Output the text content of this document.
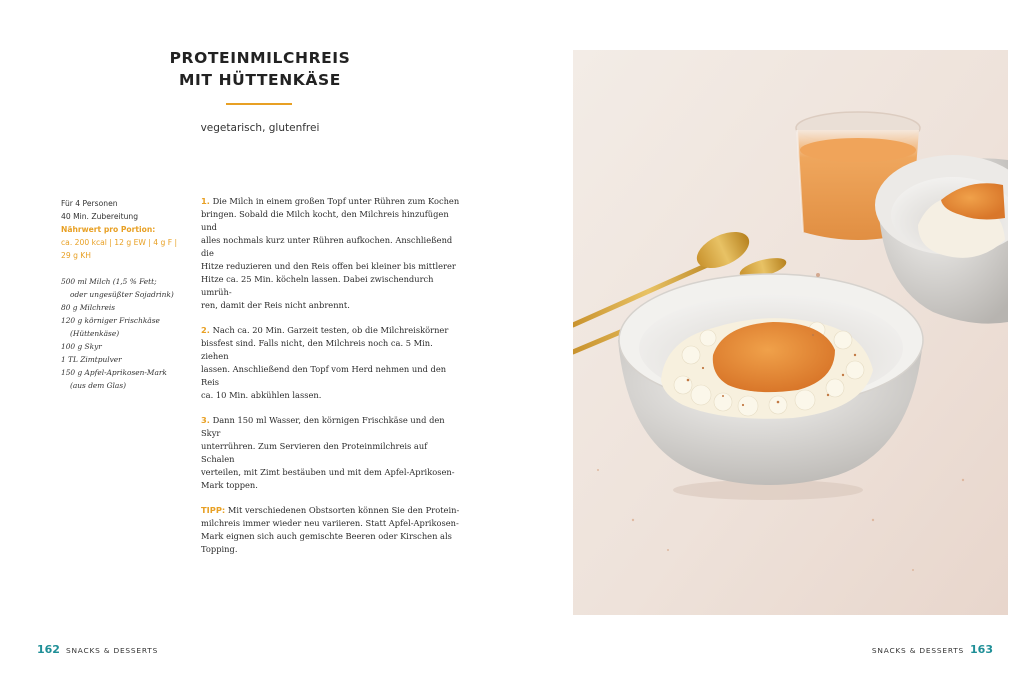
PROTEINMILCHREIS
MIT HÜTTENKÄSE
vegetarisch, glutenfrei
Für 4 Personen
40 Min. Zubereitung
Nährwert pro Portion:
ca. 200 kcal | 12 g EW | 4 g F |
29 g KH
500 ml Milch (1,5 % Fett;
oder ungesüßter Sojadrink)
80 g Milchreis
120 g körniger Frischkäse
(Hüttenkäse)
100 g Skyr
1 TL Zimtpulver
150 g Apfel-Aprikosen-Mark
(aus dem Glas)
1. Die Milch in einem großen Topf unter Rühren zum Kochen
bringen. Sobald die Milch kocht, den Milchreis hinzufügen und
alles nochmals kurz unter Rühren aufkochen. Anschließend die
Hitze reduzieren und den Reis offen bei kleiner bis mittlerer
Hitze ca. 25 Min. köcheln lassen. Dabei zwischendurch umrüh-
ren, damit der Reis nicht anbrennt.
2. Nach ca. 20 Min. Garzeit testen, ob die Milchreiskörner
bissfest sind. Falls nicht, den Milchreis noch ca. 5 Min. ziehen
lassen. Anschließend den Topf vom Herd nehmen und den Reis
ca. 10 Min. abkühlen lassen.
3. Dann 150 ml Wasser, den körnigen Frischkäse und den Skyr
unterrühren. Zum Servieren den Proteinmilchreis auf Schalen
verteilen, mit Zimt bestäuben und mit dem Apfel-Aprikosen-
Mark toppen.
TIPP: Mit verschiedenen Obstsorten können Sie den Protein-
milchreis immer wieder neu variieren. Statt Apfel-Aprikosen-
Mark eignen sich auch gemischte Beeren oder Kirschen als
Topping.
162 SNACKS & DESSERTS	SNACKS & DESSERTS 163
